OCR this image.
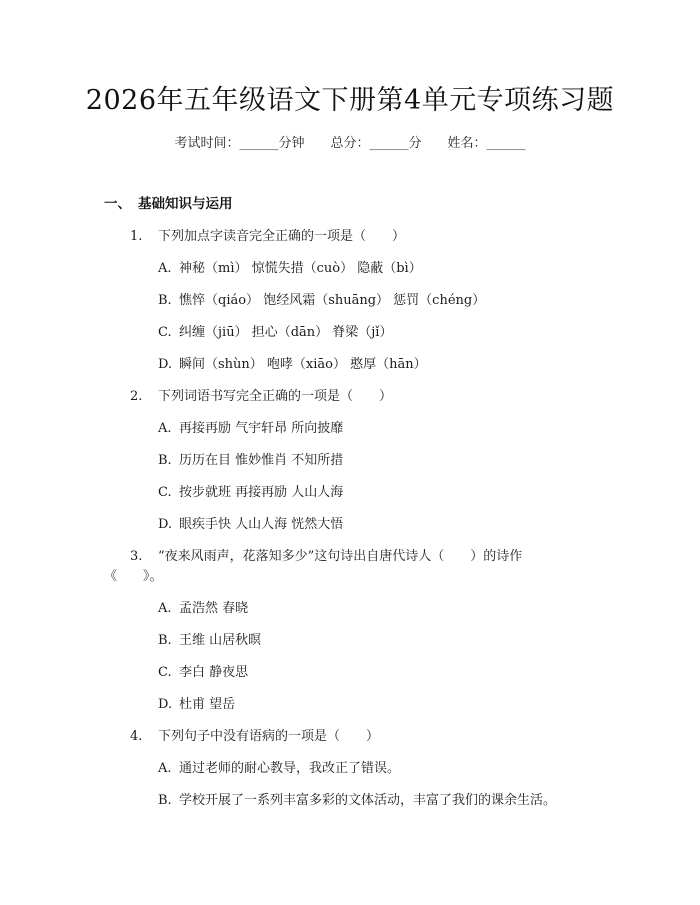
2026年五年级语文下册第4单元专项练习题
考试时间：______分钟 总分：______分 姓名：______
一、 基础知识与运用
1. 下列加点字读音完全正确的一项是（　　）
A. 神秘（mì） 惊慌失措（cuò） 隐蔽（bì）
B. 憔悴（qiáo） 饱经风霜（shuāng） 惩罚（chéng）
C. 纠缠（jiū） 担心（dān） 脊梁（jǐ）
D. 瞬间（shùn） 咆哮（xiāo） 憨厚（hān）
2. 下列词语书写完全正确的一项是（　　）
A. 再接再励 气宇轩昂 所向披靡
B. 历历在目 惟妙惟肖 不知所措
C. 按步就班 再接再励 人山人海
D. 眼疾手快 人山人海 恍然大悟
3. “夜来风雨声，花落知多少”这句诗出自唐代诗人（　　）的诗作
《　　》。
A. 孟浩然 春晓
B. 王维 山居秋暝
C. 李白 静夜思
D. 杜甫 望岳
4. 下列句子中没有语病的一项是（　　）
A. 通过老师的耐心教导，我改正了错误。
B. 学校开展了一系列丰富多彩的文体活动，丰富了我们的课余生活。
